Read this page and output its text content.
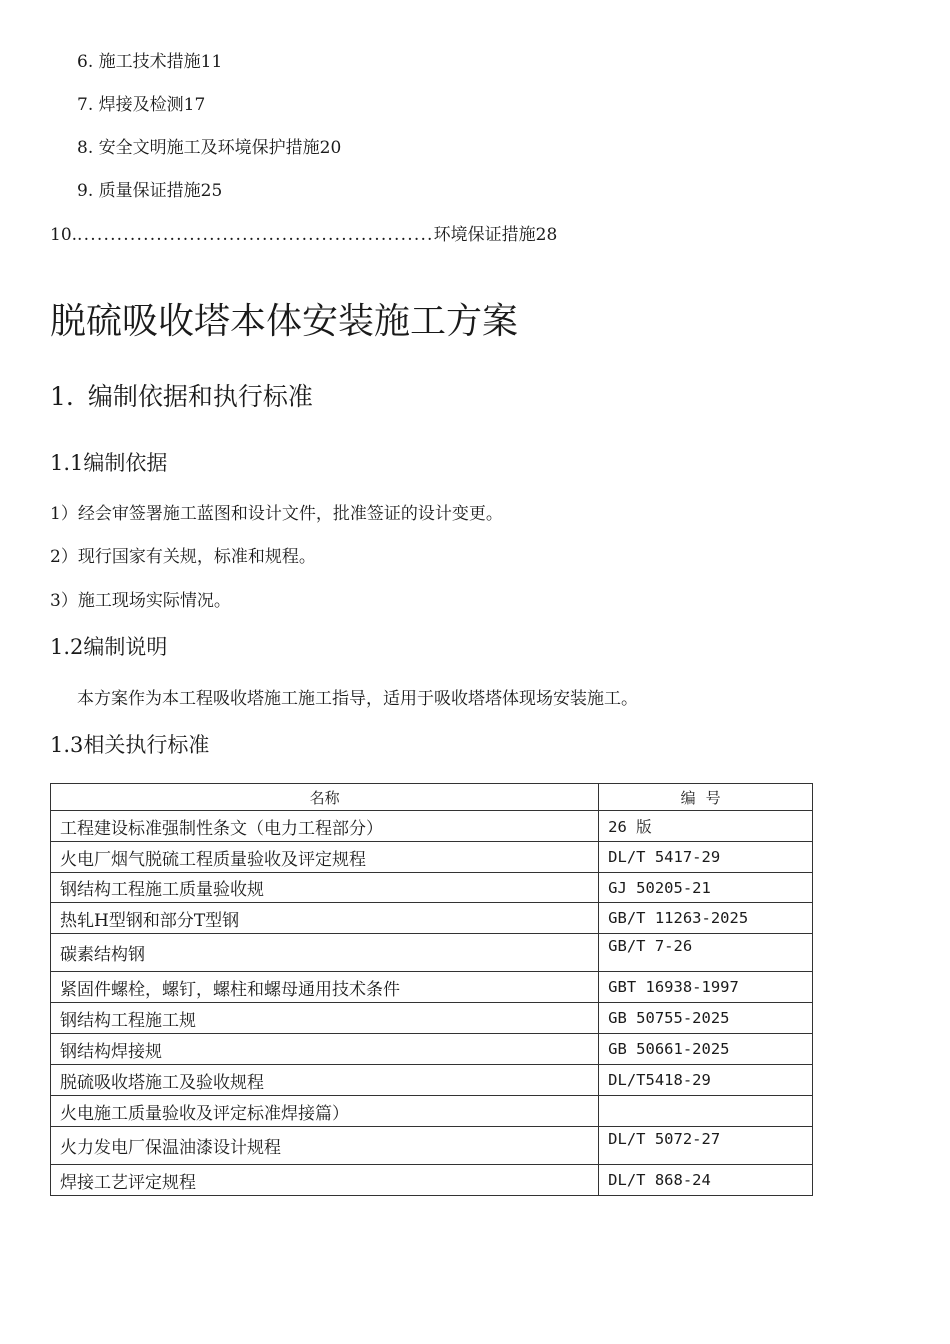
6. 施工技术措施11
7. 焊接及检测17
8. 安全文明施工及环境保护措施20
9. 质量保证措施25
10.......................................................环境保证措施28
脱硫吸收塔本体安装施工方案
1. 编制依据和执行标准
1.1编制依据
1）经会审签署施工蓝图和设计文件，批准签证的设计变更。
2）现行国家有关规，标准和规程。
3）施工现场实际情况。
1.2编制说明
本方案作为本工程吸收塔施工施工指导，适用于吸收塔塔体现场安装施工。
1.3相关执行标准
名称	编号
工程建设标准强制性条文（电力工程部分）	26 版
火电厂烟气脱硫工程质量验收及评定规程	DL/T 5417-29
钢结构工程施工质量验收规	GJ 50205-21
热轧H型钢和部分T型钢	GB/T 11263-2025
碳素结构钢	GB/T 7-26
紧固件螺栓，螺钉，螺柱和螺母通用技术条件	GBT 16938-1997
钢结构工程施工规	GB 50755-2025
钢结构焊接规	GB 50661-2025
脱硫吸收塔施工及验收规程	DL/T5418-29
火电施工质量验收及评定标准焊接篇）	
火力发电厂保温油漆设计规程	DL/T 5072-27
焊接工艺评定规程	DL/T 868-24
